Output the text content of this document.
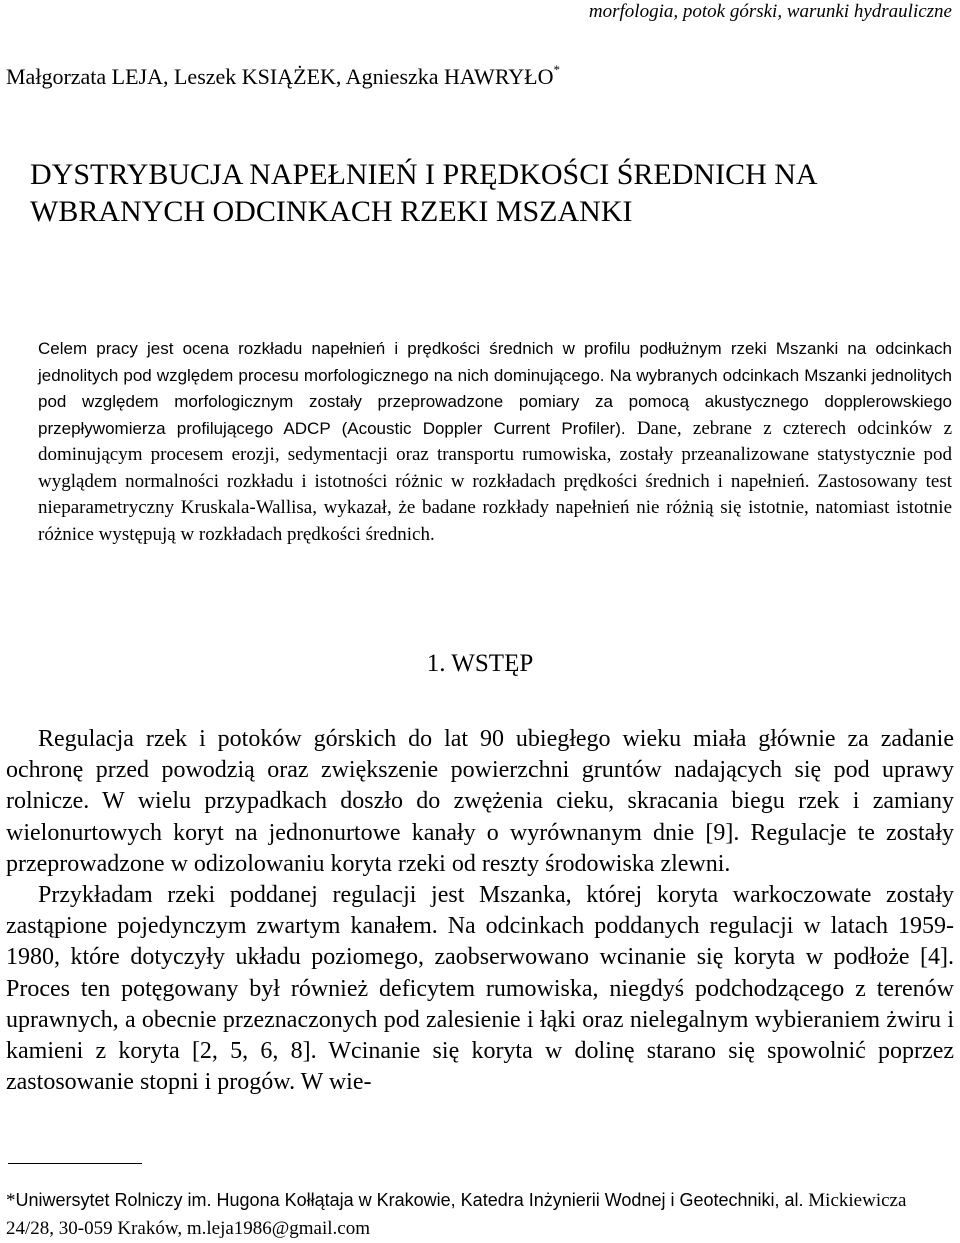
morfologia, potok górski, warunki hydrauliczne
Małgorzata LEJA, Leszek KSIĄŻEK, Agnieszka HAWRYŁO*
DYSTRYBUCJA NAPEŁNIEŃ I PRĘDKOŚCI ŚREDNICH NA
WBRANYCH ODCINKACH RZEKI MSZANKI

Celem pracy jest ocena rozkładu napełnień i prędkości średnich w profilu podłużnym rzeki Mszanki na odcinkach jednolitych pod względem procesu morfologicznego na nich dominującego. Na wybranych odcinkach Mszanki jednolitych pod względem morfologicznym zostały przeprowadzone pomiary za pomocą akustycznego dopplerowskiego przepływomierza profilującego ADCP (Acoustic Doppler Current Profiler). Dane, zebrane z czterech odcinków z dominującym procesem erozji, sedymentacji oraz transportu rumowiska, zostały przeanalizowane statystycznie pod wyglądem normalności rozkładu i istotności różnic w rozkładach prędkości średnich i napełnień. Zastosowany test nieparametryczny Kruskala-Wallisa, wykazał, że badane rozkłady napełnień nie różnią się istotnie, natomiast istotnie różnice występują w rozkładach prędkości średnich.

1. WSTĘP

Regulacja rzek i potoków górskich do lat 90 ubiegłego wieku miała głównie za zadanie ochronę przed powodzią oraz zwiększenie powierzchni gruntów nadających się pod uprawy rolnicze. W wielu przypadkach doszło do zwężenia cieku, skracania biegu rzek i zamiany wielonurtowych koryt na jednonurtowe kanały o wyrównanym dnie [9]. Regulacje te zostały przeprowadzone w odizolowaniu koryta rzeki od reszty środowiska zlewni.

Przykładam rzeki poddanej regulacji jest Mszanka, której koryta warkoczowate zostały zastąpione pojedynczym zwartym kanałem. Na odcinkach poddanych regulacji w latach 1959-1980, które dotyczyły układu poziomego, zaobserwowano wcinanie się koryta w podłoże [4]. Proces ten potęgowany był również deficytem rumowiska, niegdyś podchodzącego z terenów uprawnych, a obecnie przeznaczonych pod zalesienie i łąki oraz nielegalnym wybieraniem żwiru i kamieni z koryta [2, 5, 6, 8]. Wcinanie się koryta w dolinę starano się spowolnić poprzez zastosowanie stopni i progów. W wie-

*Uniwersytet Rolniczy im. Hugona Kołłątaja w Krakowie, Katedra Inżynierii Wodnej i Geotechniki, al. Mickiewicza 24/28, 30-059 Kraków, m.leja1986@gmail.com
